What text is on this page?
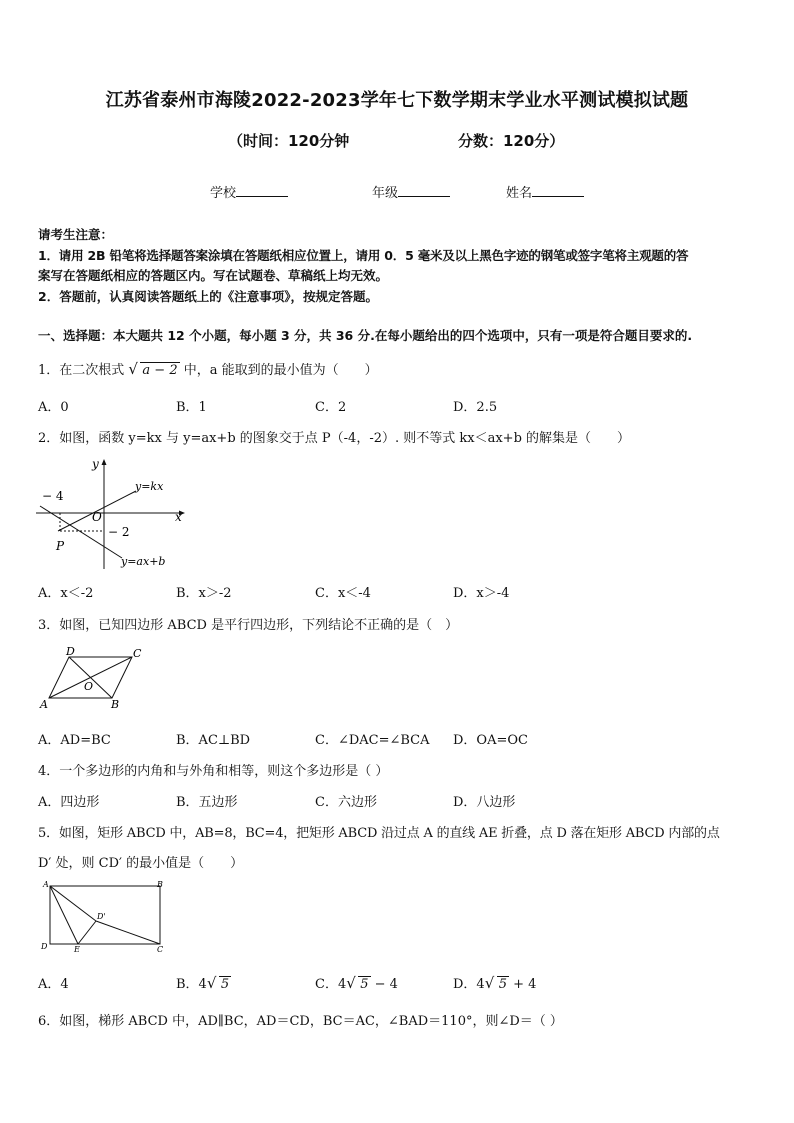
江苏省泰州市海陵2022-2023学年七下数学期末学业水平测试模拟试题
（时间：120分钟	分数：120分）
学校	年级	姓名
请考生注意：
1．请用 2B 铅笔将选择题答案涂填在答题纸相应位置上，请用 0．5 毫米及以上黑色字迹的钢笔或签字笔将主观题的答
案写在答题纸相应的答题区内。写在试题卷、草稿纸上均无效。
2．答题前，认真阅读答题纸上的《注意事项》，按规定答题。
一、选择题：本大题共 12 个小题，每小题 3 分，共 36 分.在每小题给出的四个选项中，只有一项是符合题目要求的.
1．在二次根式 √ a − 2 中，a 能取到的最小值为（　　）
A．0	B．1	C．2	D．2.5
2．如图，函数 y=kx 与 y=ax+b 的图象交于点 P（-4，-2）. 则不等式 kx＜ax+b 的解集是（　　）
y
x
− 4
− 2
O
P
y=kx
y=ax+b
A．x＜-2	B．x＞-2	C．x＜-4	D．x＞-4
3．如图，已知四边形 ABCD 是平行四边形，下列结论不正确的是（　）
A	B
C
D
O
A．AD=BC	B．AC⊥BD	C．∠DAC=∠BCA D．OA=OC
4．一个多边形的内角和与外角和相等，则这个多边形是（ ）
A．四边形	B．五边形	C．六边形	D．八边形
5．如图，矩形 ABCD 中，AB=8，BC=4，把矩形 ABCD 沿过点 A 的直线 AE 折叠，点 D 落在矩形 ABCD 内部的点
D′ 处，则 CD′ 的最小值是（　　）
A	B
C
D	E
D'
A．4	B．4 √ 5	C．4 √ 5 − 4	D．4 √ 5 + 4
6．如图，梯形 ABCD 中，AD∥BC，AD＝CD，BC＝AC，∠BAD＝110°，则∠D＝（ ）
